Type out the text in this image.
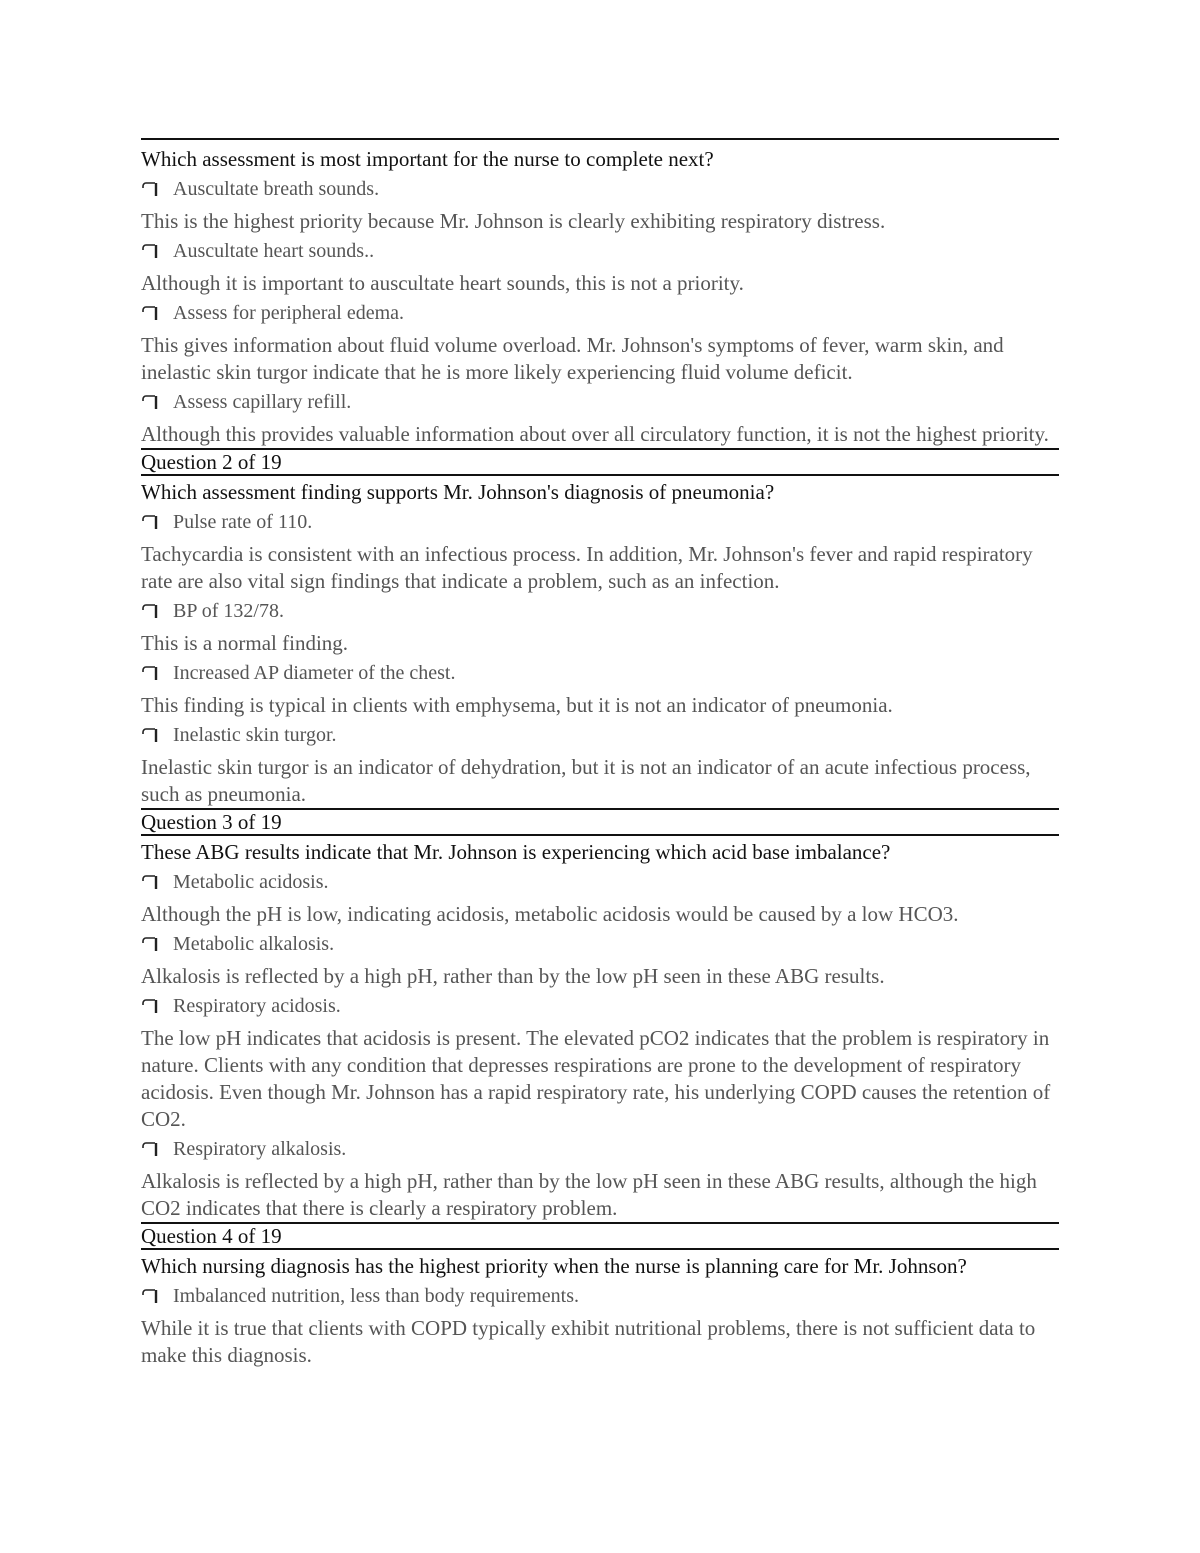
Which assessment is most important for the nurse to complete next?
Auscultate breath sounds.
This is the highest priority because Mr. Johnson is clearly exhibiting respiratory distress.
Auscultate heart sounds..
Although it is important to auscultate heart sounds, this is not a priority.
Assess for peripheral edema.
This gives information about fluid volume overload. Mr. Johnson's symptoms of fever, warm skin, and inelastic skin turgor indicate that he is more likely experiencing fluid volume deficit.
Assess capillary refill.
Although this provides valuable information about over all circulatory function, it is not the highest priority.
Question 2 of 19
Which assessment finding supports Mr. Johnson's diagnosis of pneumonia?
Pulse rate of 110.
Tachycardia is consistent with an infectious process. In addition, Mr. Johnson's fever and rapid respiratory rate are also vital sign findings that indicate a problem, such as an infection.
BP of 132/78.
This is a normal finding.
Increased AP diameter of the chest.
This finding is typical in clients with emphysema, but it is not an indicator of pneumonia.
Inelastic skin turgor.
Inelastic skin turgor is an indicator of dehydration, but it is not an indicator of an acute infectious process, such as pneumonia.
Question 3 of 19
These ABG results indicate that Mr. Johnson is experiencing which acid base imbalance?
Metabolic acidosis.
Although the pH is low, indicating acidosis, metabolic acidosis would be caused by a low HCO3.
Metabolic alkalosis.
Alkalosis is reflected by a high pH, rather than by the low pH seen in these ABG results.
Respiratory acidosis.
The low pH indicates that acidosis is present. The elevated pCO2 indicates that the problem is respiratory in nature. Clients with any condition that depresses respirations are prone to the development of respiratory acidosis. Even though Mr. Johnson has a rapid respiratory rate, his underlying COPD causes the retention of CO2.
Respiratory alkalosis.
Alkalosis is reflected by a high pH, rather than by the low pH seen in these ABG results, although the high CO2 indicates that there is clearly a respiratory problem.
Question 4 of 19
Which nursing diagnosis has the highest priority when the nurse is planning care for Mr. Johnson?
Imbalanced nutrition, less than body requirements.
While it is true that clients with COPD typically exhibit nutritional problems, there is not sufficient data to make this diagnosis.
